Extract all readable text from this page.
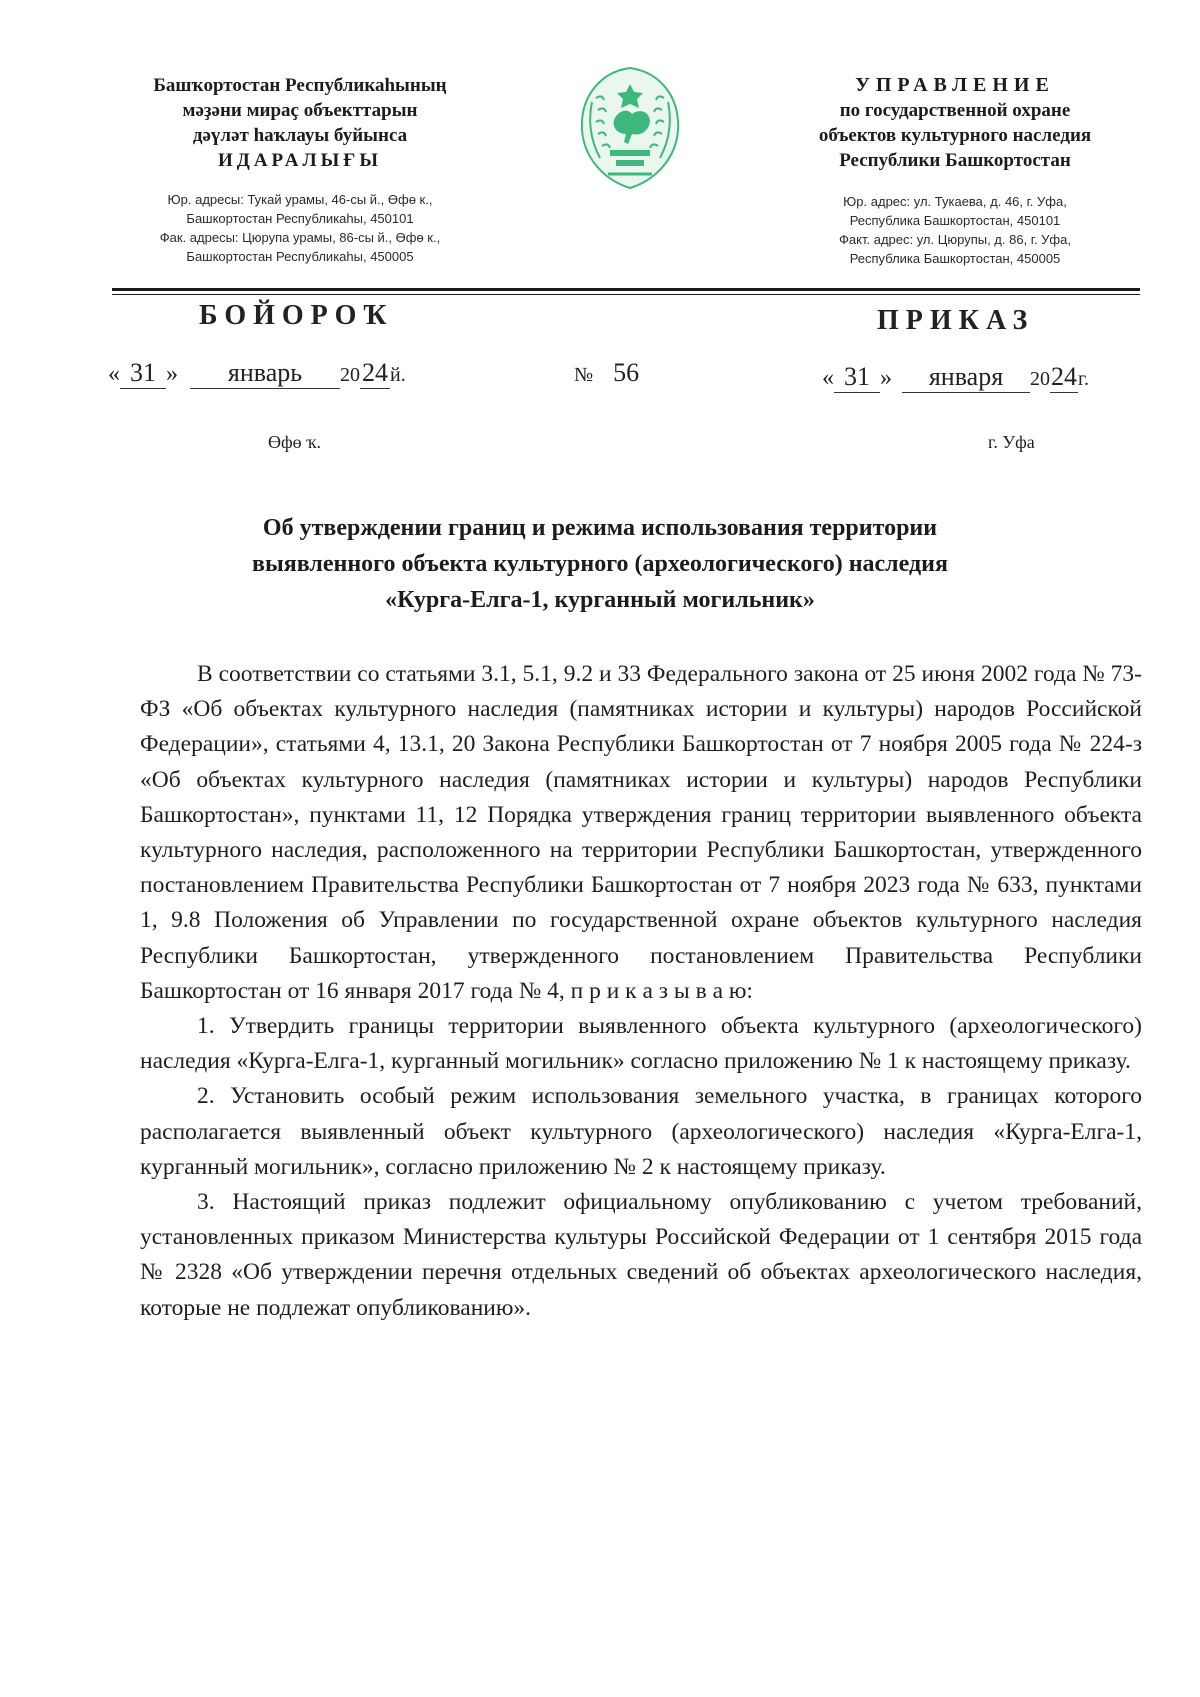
Башҡортостан Республикаһының
мәҙәни мираҫ объекттарын
дәүләт һаҡлауы буйынса
ИДАРАЛЫҒЫ
Юр. адресы: Тукай урамы, 46-сы й., Өфө к.,
Башкортостан Республикаһы, 450101
Фак. адресы: Цюрупа урамы, 86-сы й., Өфө к.,
Башкортостан Республикаһы, 450005
УПРАВЛЕНИЕ
по государственной охране
объектов культурного наследия
Республики Башкортостан
Юр. адрес: ул. Тукаева, д. 46, г. Уфа,
Республика Башкортостан, 450101
Факт. адрес: ул. Цюрупы, д. 86, г. Уфа,
Республика Башкортостан, 450005
БОЙОРОҠ	ПРИКАЗ
« 31 » январь 2024 й.	№ 56	« 31 » января 2024г.
Өфө ҡ.	г. Уфа
Об утверждении границ и режима использования территории
выявленного объекта культурного (археологического) наследия
«Курга-Елга-1, курганный могильник»

В соответствии со статьями 3.1, 5.1, 9.2 и 33 Федерального закона от 25 июня 2002 года № 73-ФЗ «Об объектах культурного наследия (памятниках истории и культуры) народов Российской Федерации», статьями 4, 13.1, 20 Закона Республики Башкортостан от 7 ноября 2005 года № 224-з «Об объектах культурного наследия (памятниках истории и культуры) народов Республики Башкортостан», пунктами 11, 12 Порядка утверждения границ территории выявленного объекта культурного наследия, расположенного на территории Республики Башкортостан, утвержденного постановлением Правительства Республики Башкортостан от 7 ноября 2023 года № 633, пунктами 1, 9.8 Положения об Управлении по государственной охране объектов культурного наследия Республики Башкортостан, утвержденного постановлением Правительства Республики Башкортостан от 16 января 2017 года № 4, п р и к а з ы в а ю:

1. Утвердить границы территории выявленного объекта культурного (археологического) наследия «Курга-Елга-1, курганный могильник» согласно приложению № 1 к настоящему приказу.

2. Установить особый режим использования земельного участка, в границах которого располагается выявленный объект культурного (археологического) наследия «Курга-Елга-1, курганный могильник», согласно приложению № 2 к настоящему приказу.

3. Настоящий приказ подлежит официальному опубликованию с учетом требований, установленных приказом Министерства культуры Российской Федерации от 1 сентября 2015 года № 2328 «Об утверждении перечня отдельных сведений об объектах археологического наследия, которые не подлежат опубликованию».
